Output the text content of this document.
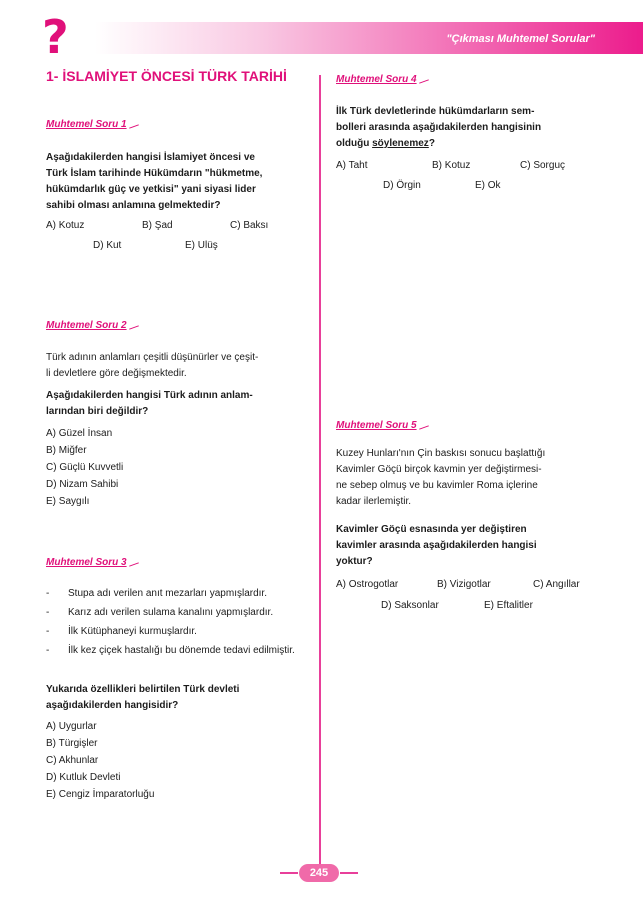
?	"Çıkması Muhtemel Sorular"
1- İSLAMİYET ÖNCESİ TÜRK TARİHİ
Muhtemel Soru 1
Aşağıdakilerden hangisi İslamiyet öncesi ve
Türk İslam tarihinde Hükümdarın "hükmetme,
hükümdarlık güç ve yetkisi" yani siyasi lider
sahibi olması anlamına gelmektedir?
A) Kotuz	B) Şad	C) Baksı
D) Kut	E) Ulüş
Muhtemel Soru 2
Türk adının anlamları çeşitli düşünürler ve çeşit-
li devletlere göre değişmektedir.
Aşağıdakilerden hangisi Türk adının anlam-
larından biri değildir?
A) Güzel İnsan
B) Miğfer
C) Güçlü Kuvvetli
D) Nizam Sahibi
E) Saygılı
Muhtemel Soru 3
- Stupa adı verilen anıt mezarları yapmışlardır.
- Karız adı verilen sulama kanalını yapmışlardır.
- İlk Kütüphaneyi kurmuşlardır.
- İlk kez çiçek hastalığı bu dönemde tedavi edilmiştir.
Yukarıda özellikleri belirtilen Türk devleti
aşağıdakilerden hangisidir?
A) Uygurlar
B) Türgişler
C) Akhunlar
D) Kutluk Devleti
E) Cengiz İmparatorluğu
Muhtemel Soru 4
İlk Türk devletlerinde hükümdarların sem-
bolleri arasında aşağıdakilerden hangisinin
olduğu söylenemez?
A) Taht	B) Kotuz	C) Sorguç
D) Örgin	E) Ok
Muhtemel Soru 5
Kuzey Hunları'nın Çin baskısı sonucu başlattığı
Kavimler Göçü birçok kavmin yer değiştirmesi-
ne sebep olmuş ve bu kavimler Roma içlerine
kadar ilerlemiştir.
Kavimler Göçü esnasında yer değiştiren
kavimler arasında aşağıdakilerden hangisi
yoktur?
A) Ostrogotlar	B) Vizigotlar	C) Angıllar
D) Saksonlar	E) Eftalitler
245
